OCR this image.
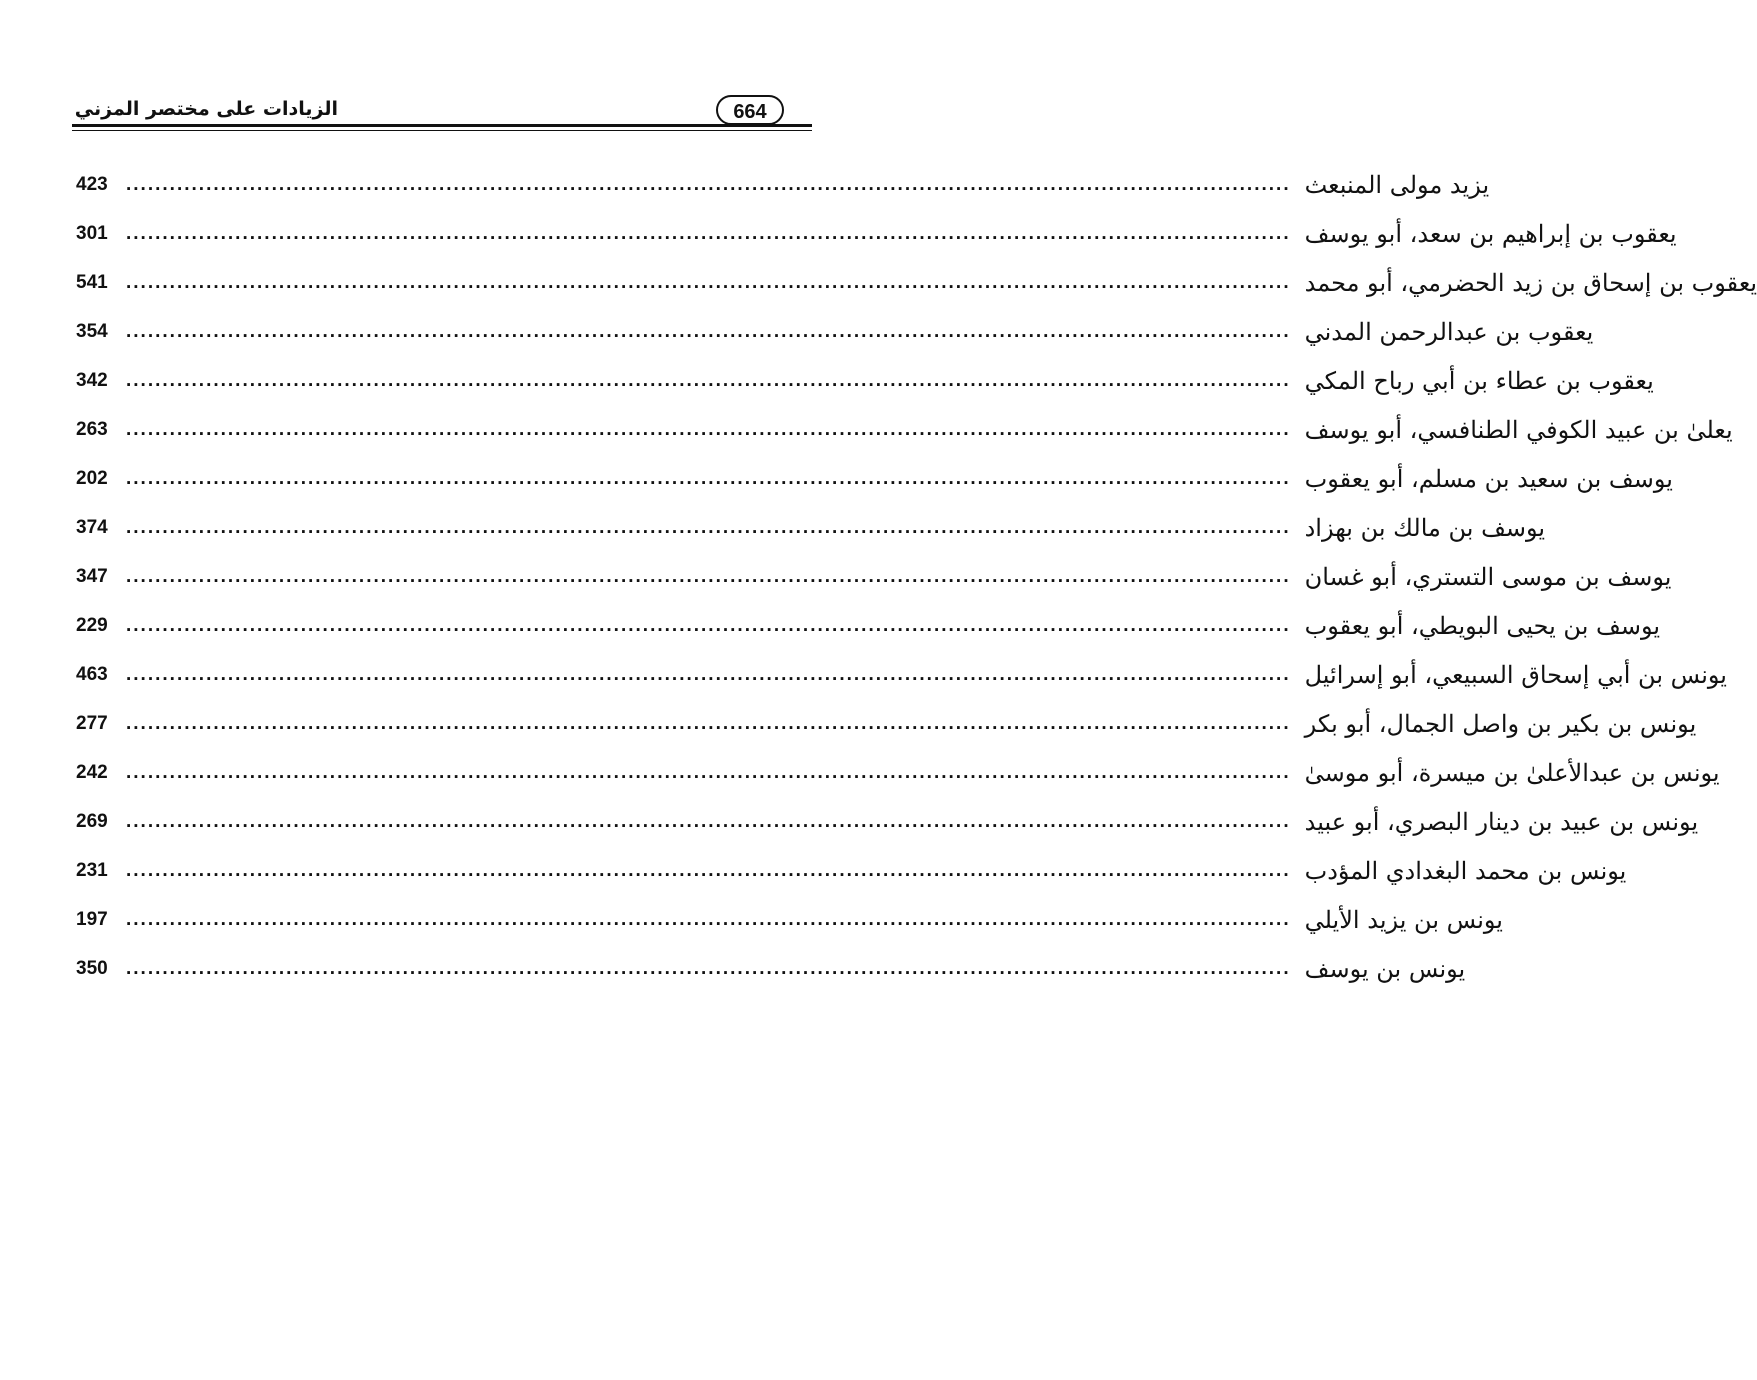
الزيادات على مختصر المزني	664
423 ................................................................................................................................................................ يزيد مولى المنبعث
301 ................................................................................................................................................................ يعقوب بن إبراهيم بن سعد، أبو يوسف
541 ................................................................................................................................................................ يعقوب بن إسحاق بن زيد الحضرمي، أبو محمد
354 ................................................................................................................................................................ يعقوب بن عبدالرحمن المدني
342 ................................................................................................................................................................ يعقوب بن عطاء بن أبي رباح المكي
263 ................................................................................................................................................................ يعلىٰ بن عبيد الكوفي الطنافسي، أبو يوسف
202 ................................................................................................................................................................ يوسف بن سعيد بن مسلم، أبو يعقوب
374 ................................................................................................................................................................ يوسف بن مالك بن بهزاد
347 ................................................................................................................................................................ يوسف بن موسى التستري، أبو غسان
229 ................................................................................................................................................................ يوسف بن يحيى البويطي، أبو يعقوب
463 ................................................................................................................................................................ يونس بن أبي إسحاق السبيعي، أبو إسرائيل
277 ................................................................................................................................................................ يونس بن بكير بن واصل الجمال، أبو بكر
242 ................................................................................................................................................................ يونس بن عبدالأعلىٰ بن ميسرة، أبو موسىٰ
269 ................................................................................................................................................................ يونس بن عبيد بن دينار البصري، أبو عبيد
231 ................................................................................................................................................................ يونس بن محمد البغدادي المؤدب
197 ................................................................................................................................................................ يونس بن يزيد الأيلي
350 ................................................................................................................................................................ يونس بن يوسف
